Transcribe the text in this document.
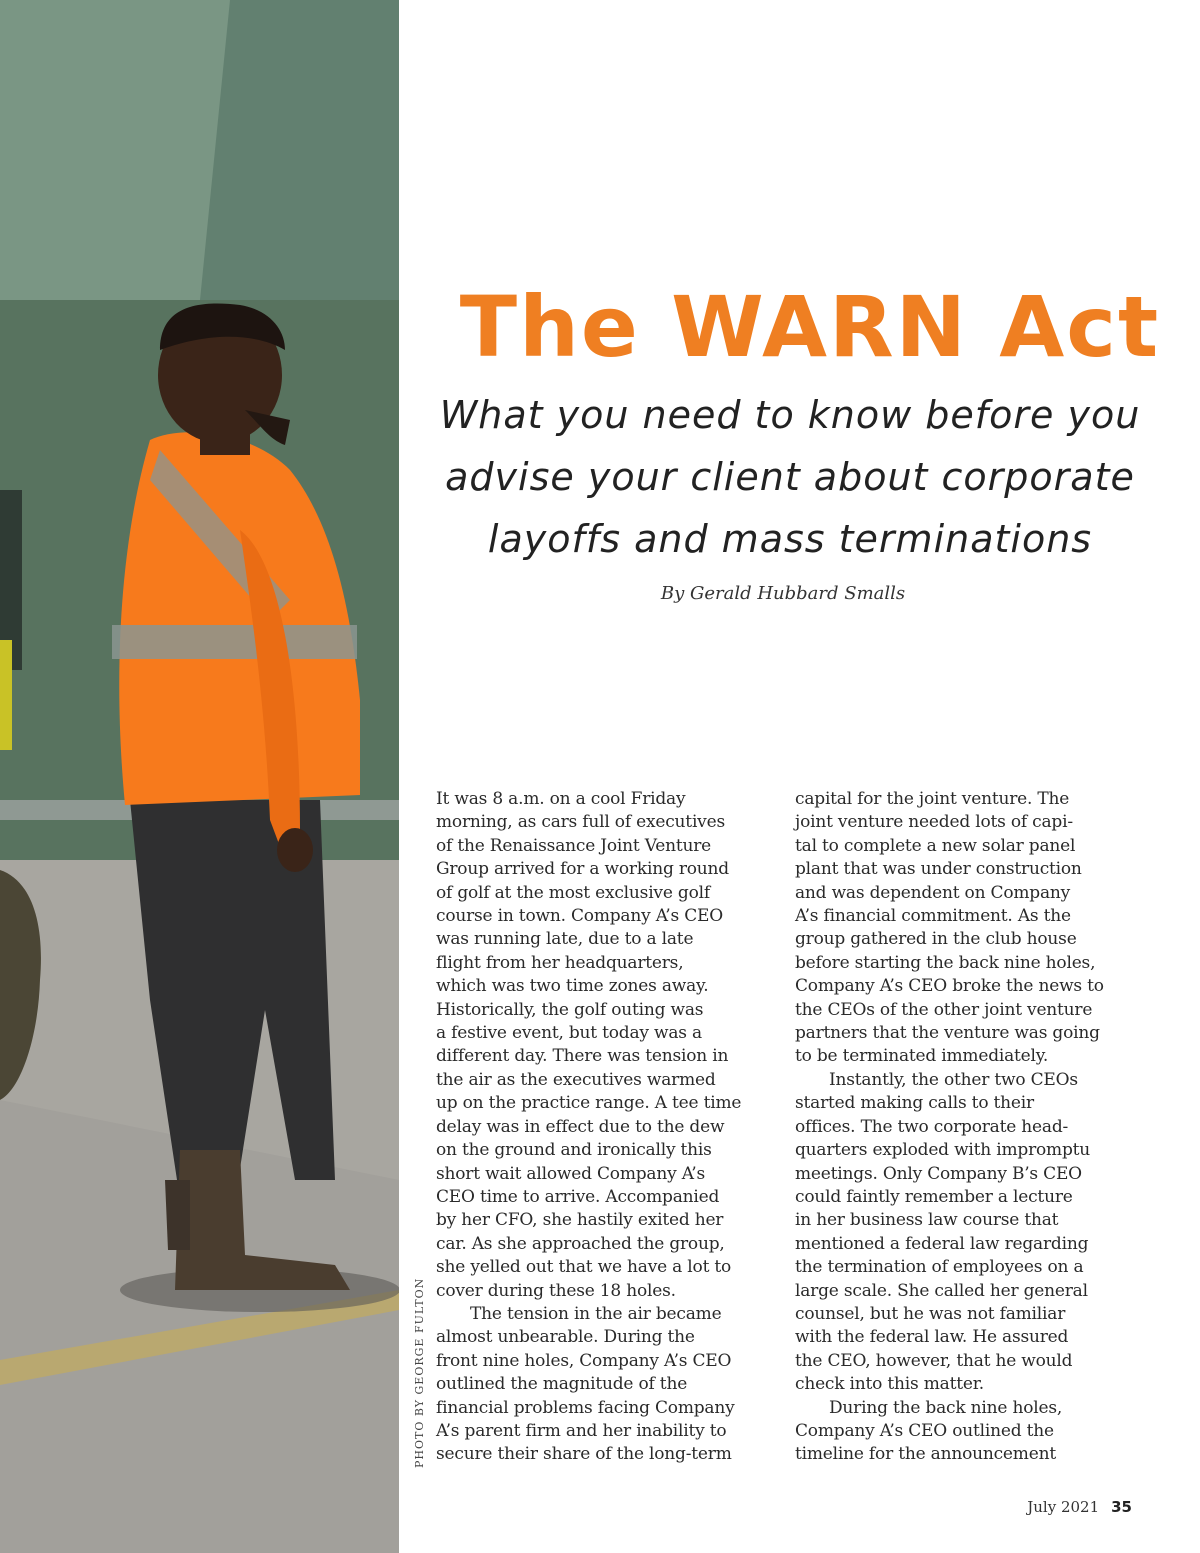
The WARN Act
What you need to know before you
advise your client about corporate
layoffs and mass terminations
By Gerald Hubbard Smalls
It was 8 a.m. on a cool Friday
morning, as cars full of executives
of the Renaissance Joint Venture
Group arrived for a working round
of golf at the most exclusive golf
course in town. Company A’s CEO
was running late, due to a late
flight from her headquarters,
which was two time zones away.
Historically, the golf outing was
a festive event, but today was a
different day. There was tension in
the air as the executives warmed
up on the practice range. A tee time
delay was in effect due to the dew
on the ground and ironically this
short wait allowed Company A’s
CEO time to arrive. Accompanied
by her CFO, she hastily exited her
car. As she approached the group,
she yelled out that we have a lot to
cover during these 18 holes.
The tension in the air became
almost unbearable. During the
front nine holes, Company A’s CEO
outlined the magnitude of the
financial problems facing Company
A’s parent firm and her inability to
secure their share of the long-term
capital for the joint venture. The
joint venture needed lots of capi-
tal to complete a new solar panel
plant that was under construction
and was dependent on Company
A’s financial commitment. As the
group gathered in the club house
before starting the back nine holes,
Company A’s CEO broke the news to
the CEOs of the other joint venture
partners that the venture was going
to be terminated immediately.
Instantly, the other two CEOs
started making calls to their
offices. The two corporate head-
quarters exploded with impromptu
meetings. Only Company B’s CEO
could faintly remember a lecture
in her business law course that
mentioned a federal law regarding
the termination of employees on a
large scale. She called her general
counsel, but he was not familiar
with the federal law. He assured
the CEO, however, that he would
check into this matter.
During the back nine holes,
Company A’s CEO outlined the
timeline for the announcement
PHOTO BY GEORGE FULTON
July 2021 35
